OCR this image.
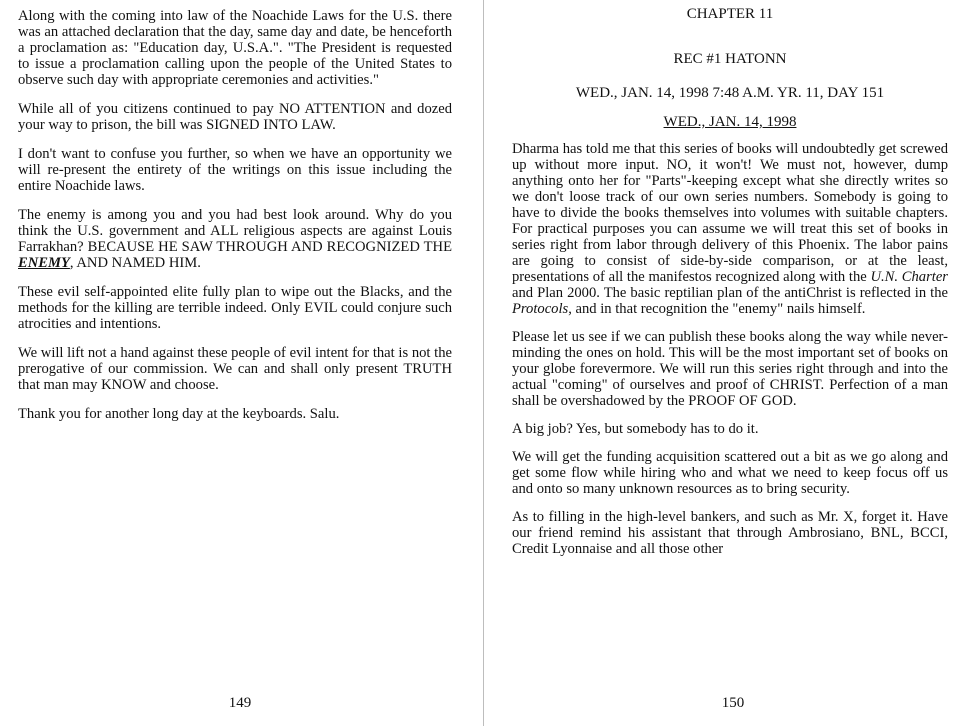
Along with the coming into law of the Noachide Laws for the U.S. there was an attached declaration that the day, same day and date, be henceforth a proclamation as: "Education day, U.S.A.". "The President is requested to issue a proclamation calling upon the people of the United States to observe such day with appropriate ceremonies and activities."

While all of you citizens continued to pay NO ATTENTION and dozed your way to prison, the bill was SIGNED INTO LAW.

I don't want to confuse you further, so when we have an opportunity we will re-present the entirety of the writings on this issue including the entire Noachide laws.

The enemy is among you and you had best look around. Why do you think the U.S. government and ALL religious aspects are against Louis Farrakhan? BECAUSE HE SAW THROUGH AND RECOGNIZED THE ENEMY, AND NAMED HIM.

These evil self-appointed elite fully plan to wipe out the Blacks, and the methods for the killing are terrible indeed. Only EVIL could conjure such atrocities and intentions.

We will lift not a hand against these people of evil intent for that is not the prerogative of our commission. We can and shall only present TRUTH that man may KNOW and choose.

Thank you for another long day at the keyboards. Salu.

149
CHAPTER 11
REC #1 HATONN
WED., JAN. 14, 1998 7:48 A.M. YR. 11, DAY 151
WED., JAN. 14, 1998

Dharma has told me that this series of books will undoubtedly get screwed up without more input. NO, it won't! We must not, however, dump anything onto her for "Parts"-keeping except what she directly writes so we don't loose track of our own series numbers. Somebody is going to have to divide the books themselves into volumes with suitable chapters. For practical purposes you can assume we will treat this set of books in series right from labor through delivery of this Phoenix. The labor pains are going to consist of side-by-side comparison, or at the least, presentations of all the manifestos recognized along with the U.N. Charter and Plan 2000. The basic reptilian plan of the antiChrist is reflected in the Protocols, and in that recognition the "enemy" nails himself.

Please let us see if we can publish these books along the way while never-minding the ones on hold. This will be the most important set of books on your globe forevermore. We will run this series right through and into the actual "coming" of ourselves and proof of CHRIST. Perfection of a man shall be overshadowed by the PROOF OF GOD.

A big job? Yes, but somebody has to do it.

We will get the funding acquisition scattered out a bit as we go along and get some flow while hiring who and what we need to keep focus off us and onto so many unknown resources as to bring security.

As to filling in the high-level bankers, and such as Mr. X, forget it. Have our friend remind his assistant that through Ambrosiano, BNL, BCCI, Credit Lyonnaise and all those other

150
